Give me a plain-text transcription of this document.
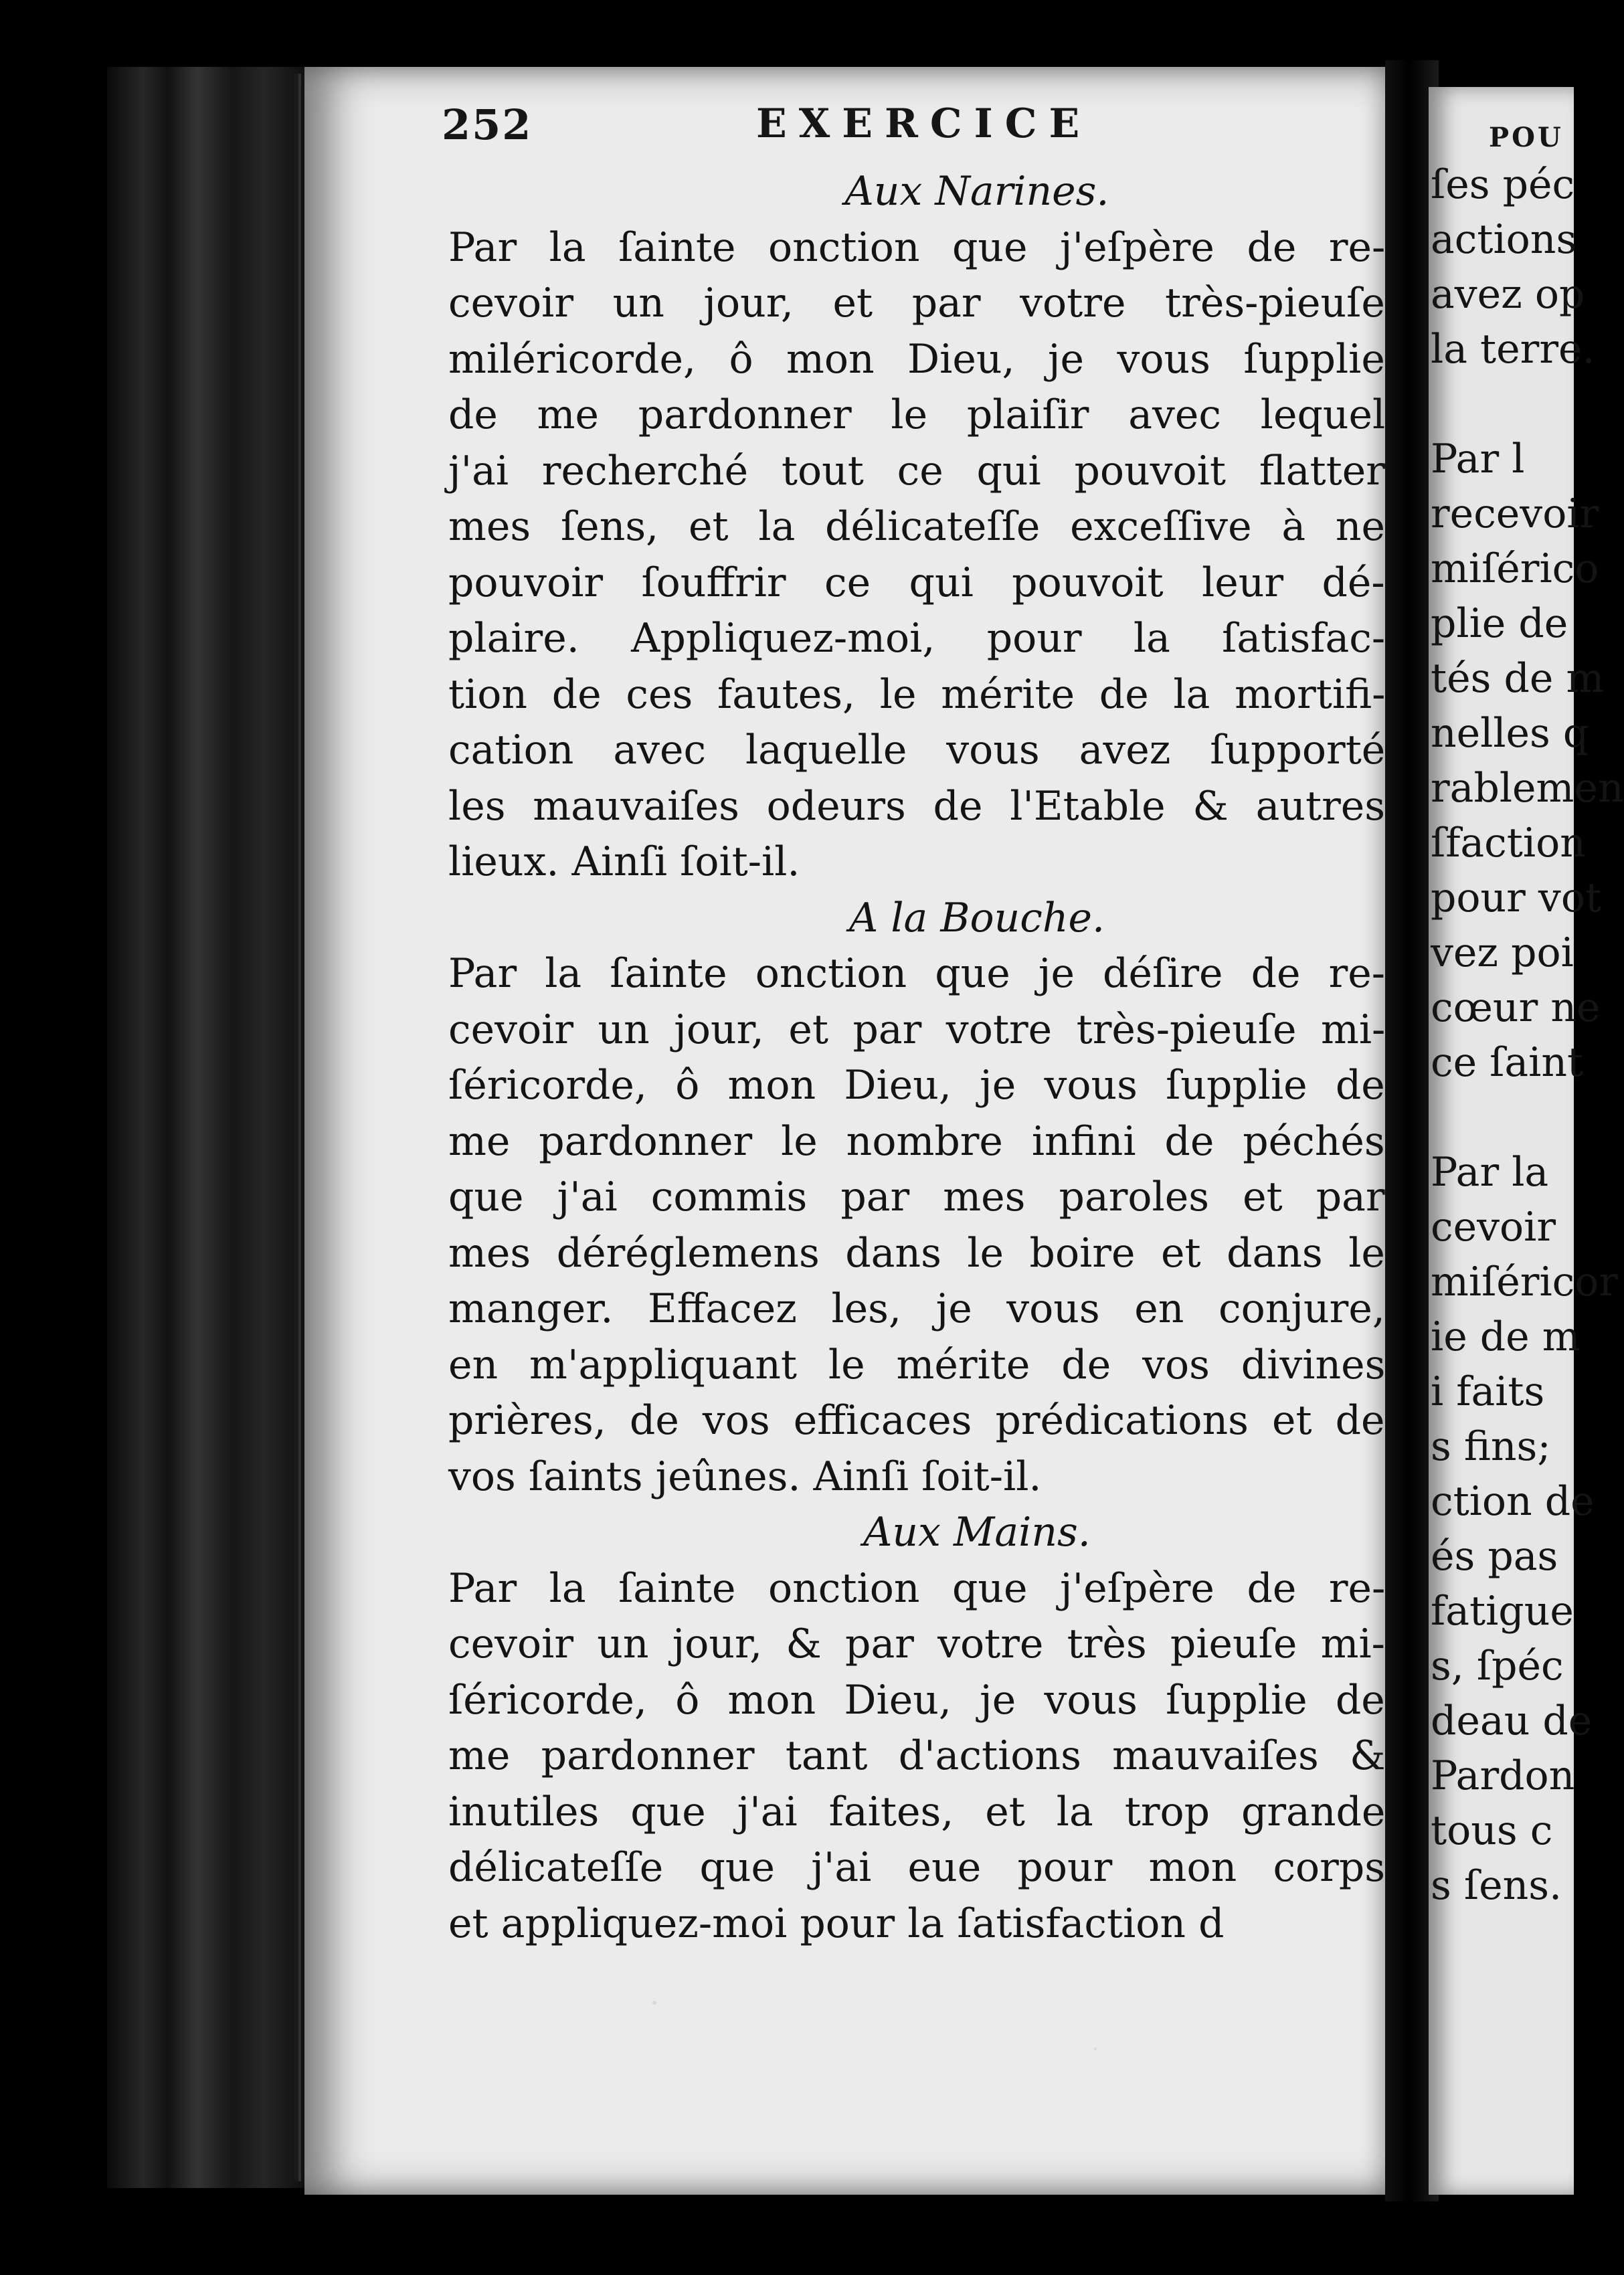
252	EXERCICE
Aux Narines.
Par la ſainte onction que j'eſpère de re-
cevoir un jour, et par votre très-pieuſe
miléricorde, ô mon Dieu, je vous ſupplie
de me pardonner le plaiſir avec lequel
j'ai recherché tout ce qui pouvoit flatter
mes ſens, et la délicateſſe exceſſive à ne
pouvoir ſouffrir ce qui pouvoit leur dé-
plaire. Appliquez-moi, pour la ſatisfac-
tion de ces fautes, le mérite de la mortifi-
cation avec laquelle vous avez ſupporté
les mauvaiſes odeurs de l'Etable & autres
lieux. Ainſi ſoit-il.
A la Bouche.
Par la ſainte onction que je déſire de re-
cevoir un jour, et par votre très-pieuſe mi-
ſéricorde, ô mon Dieu, je vous ſupplie de
me pardonner le nombre infini de péchés
que j'ai commis par mes paroles et par
mes déréglemens dans le boire et dans le
manger. Effacez les, je vous en conjure,
en m'appliquant le mérite de vos divines
prières, de vos efficaces prédications et de
vos ſaints jeûnes. Ainſi ſoit-il.
Aux Mains.
Par la ſainte onction que j'eſpère de re-
cevoir un jour, & par votre très pieuſe mi-
ſéricorde, ô mon Dieu, je vous ſupplie de
me pardonner tant d'actions mauvaiſes &
inutiles que j'ai faites, et la trop grande
délicateſſe que j'ai eue pour mon corps
et appliquez-moi pour la ſatisfaction d
POU
ſes péc
actions
avez op
la terre.
Par l
recevoir
miſérico
plie de
tés de m
nelles q
rablemen
ſfaction
pour vot
vez poi
cœur ne
ce ſaint
Par la
cevoir
miſéricor
ie de m
i faits
s fins;
ction de
és pas
fatigue
s, ſpéc
deau de
Pardon
tous c
s ſens.
